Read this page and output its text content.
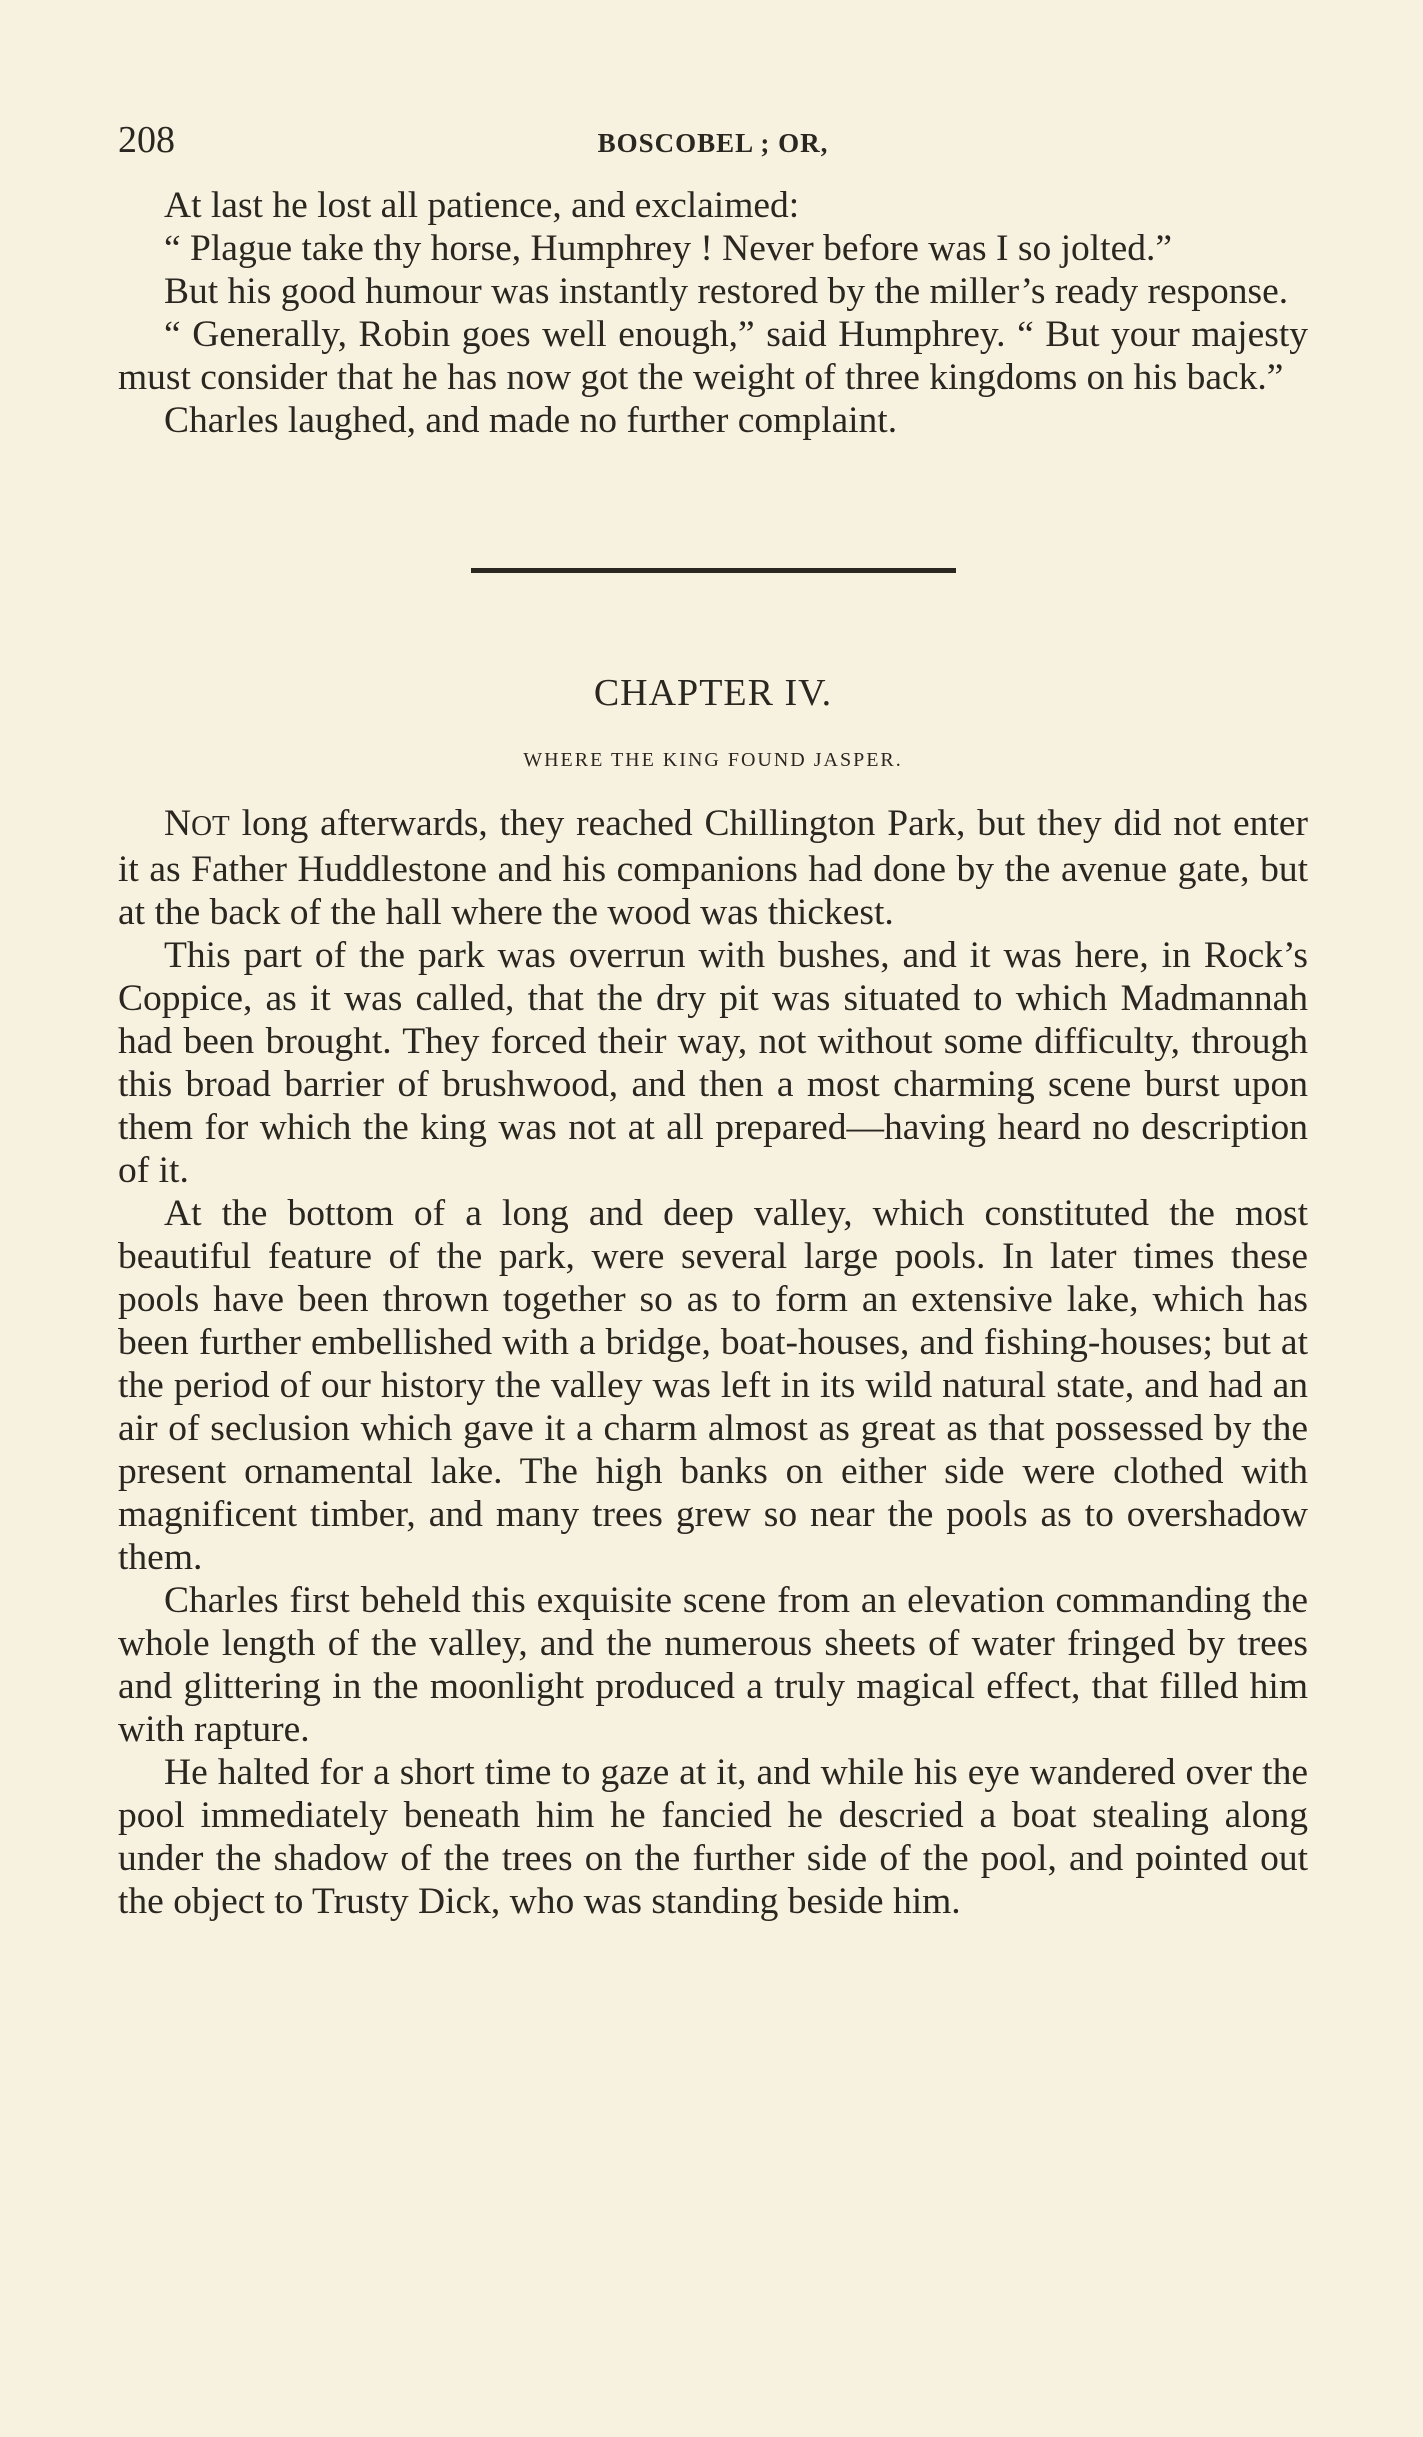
208	BOSCOBEL ; OR,

At last he lost all patience, and exclaimed:

“ Plague take thy horse, Humphrey ! Never before was I so jolted.”

But his good humour was instantly restored by the miller’s ready response.

“ Generally, Robin goes well enough,” said Humphrey. “ But your majesty must consider that he has now got the weight of three kingdoms on his back.”

Charles laughed, and made no further complaint.

CHAPTER IV.
WHERE THE KING FOUND JASPER.

NOT long afterwards, they reached Chillington Park, but they did not enter it as Father Huddlestone and his companions had done by the avenue gate, but at the back of the hall where the wood was thickest.

This part of the park was overrun with bushes, and it was here, in Rock’s Coppice, as it was called, that the dry pit was situated to which Madmannah had been brought. They forced their way, not without some difficulty, through this broad barrier of brushwood, and then a most charming scene burst upon them for which the king was not at all prepared—having heard no description of it.

At the bottom of a long and deep valley, which constituted the most beautiful feature of the park, were several large pools. In later times these pools have been thrown together so as to form an extensive lake, which has been further embellished with a bridge, boat-houses, and fishing-houses; but at the period of our history the valley was left in its wild natural state, and had an air of seclusion which gave it a charm almost as great as that possessed by the present ornamental lake. The high banks on either side were clothed with magnificent timber, and many trees grew so near the pools as to overshadow them.

Charles first beheld this exquisite scene from an elevation commanding the whole length of the valley, and the numerous sheets of water fringed by trees and glittering in the moonlight produced a truly magical effect, that filled him with rapture.

He halted for a short time to gaze at it, and while his eye wandered over the pool immediately beneath him he fancied he descried a boat stealing along under the shadow of the trees on the further side of the pool, and pointed out the object to Trusty Dick, who was standing beside him.
